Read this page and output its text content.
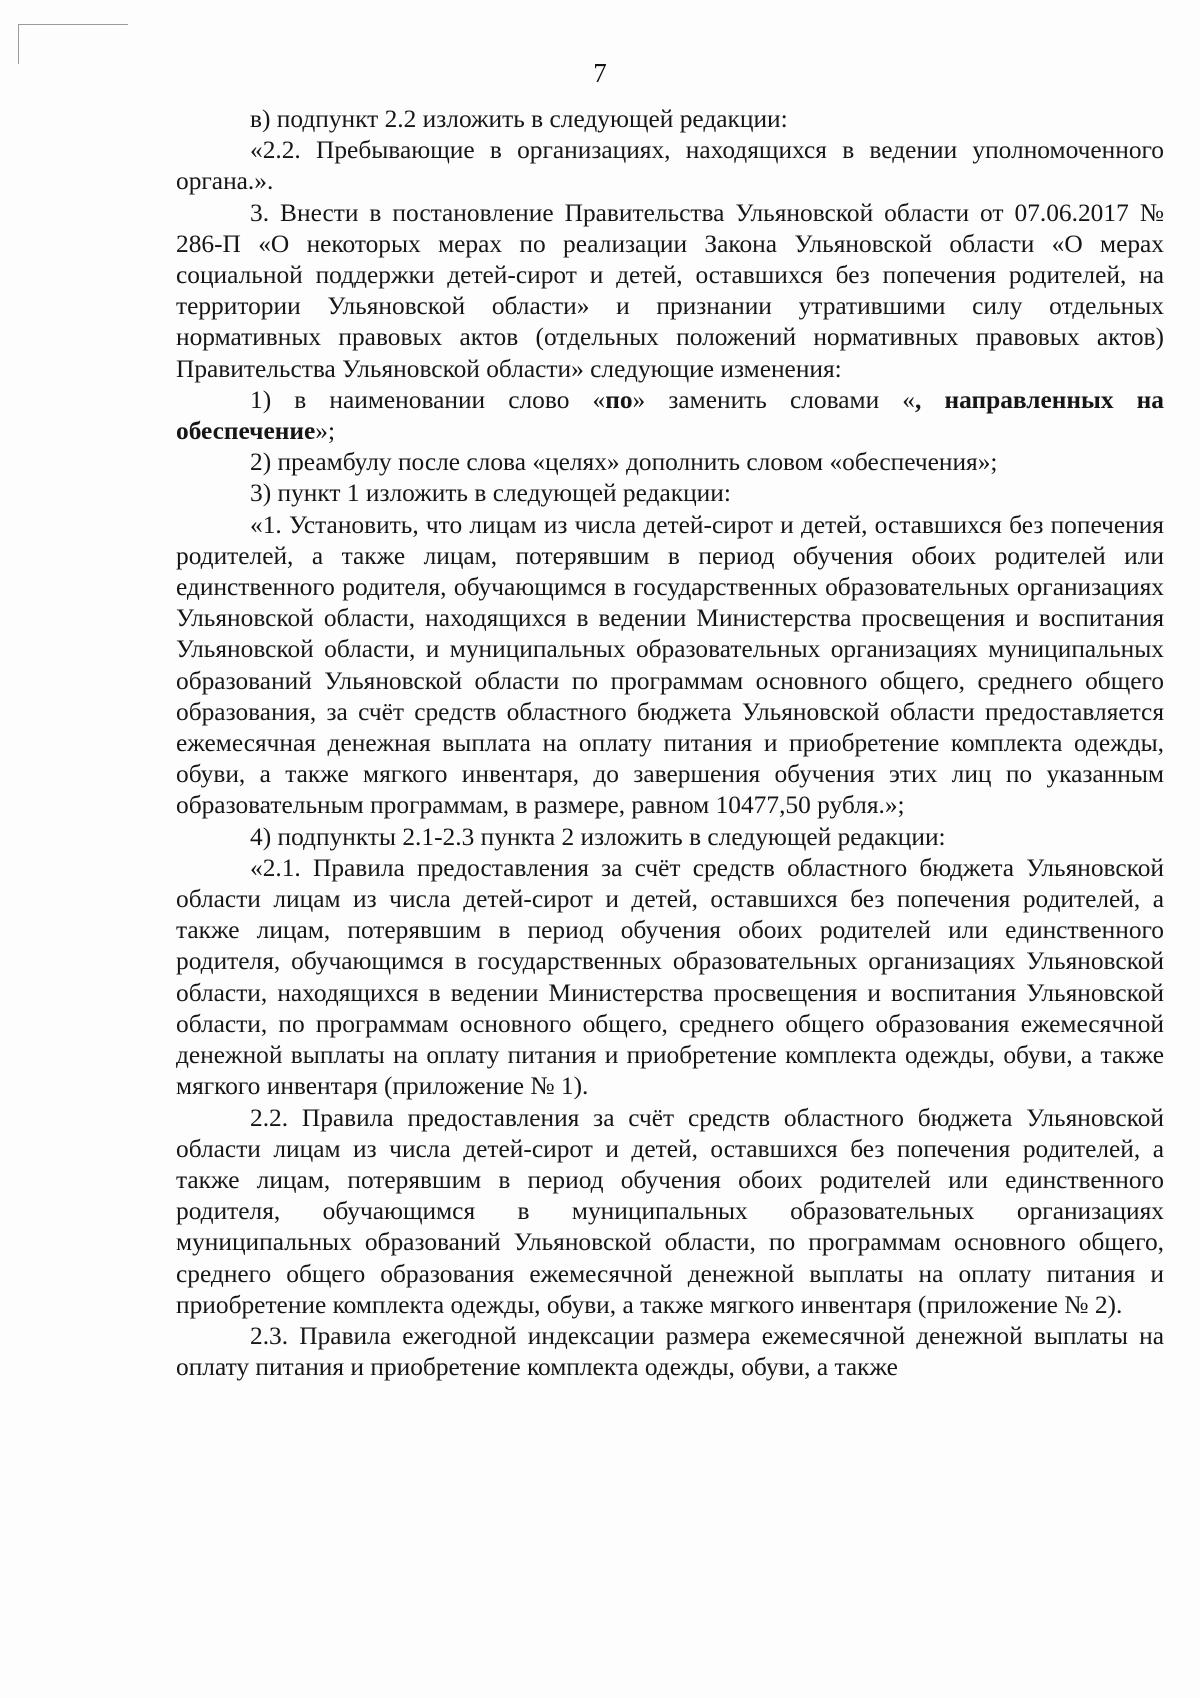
7

в) подпункт 2.2 изложить в следующей редакции:

«2.2. Пребывающие в организациях, находящихся в ведении уполномоченного органа.».

3. Внести в постановление Правительства Ульяновской области от 07.06.2017 № 286-П «О некоторых мерах по реализации Закона Ульяновской области «О мерах социальной поддержки детей-сирот и детей, оставшихся без попечения родителей, на территории Ульяновской области» и признании утратившими силу отдельных нормативных правовых актов (отдельных положений нормативных правовых актов) Правительства Ульяновской области» следующие изменения:

1) в наименовании слово «по» заменить словами «, направленных на обеспечение»;

2) преамбулу после слова «целях» дополнить словом «обеспечения»;

3) пункт 1 изложить в следующей редакции:

«1. Установить, что лицам из числа детей-сирот и детей, оставшихся без попечения родителей, а также лицам, потерявшим в период обучения обоих родителей или единственного родителя, обучающимся в государственных образовательных организациях Ульяновской области, находящихся в ведении Министерства просвещения и воспитания Ульяновской области, и муниципальных образовательных организациях муниципальных образований Ульяновской области по программам основного общего, среднего общего образования, за счёт средств областного бюджета Ульяновской области предоставляется ежемесячная денежная выплата на оплату питания и приобретение комплекта одежды, обуви, а также мягкого инвентаря, до завершения обучения этих лиц по указанным образовательным программам, в размере, равном 10477,50 рубля.»;

4) подпункты 2.1-2.3 пункта 2 изложить в следующей редакции:

«2.1. Правила предоставления за счёт средств областного бюджета Ульяновской области лицам из числа детей-сирот и детей, оставшихся без попечения родителей, а также лицам, потерявшим в период обучения обоих родителей или единственного родителя, обучающимся в государственных образовательных организациях Ульяновской области, находящихся в ведении Министерства просвещения и воспитания Ульяновской области, по программам основного общего, среднего общего образования ежемесячной денежной выплаты на оплату питания и приобретение комплекта одежды, обуви, а также мягкого инвентаря (приложение № 1).

2.2. Правила предоставления за счёт средств областного бюджета Ульяновской области лицам из числа детей-сирот и детей, оставшихся без попечения родителей, а также лицам, потерявшим в период обучения обоих родителей или единственного родителя, обучающимся в муниципальных образовательных организациях муниципальных образований Ульяновской области, по программам основного общего, среднего общего образования ежемесячной денежной выплаты на оплату питания и приобретение комплекта одежды, обуви, а также мягкого инвентаря (приложение № 2).

2.3. Правила ежегодной индексации размера ежемесячной денежной выплаты на оплату питания и приобретение комплекта одежды, обуви, а также
